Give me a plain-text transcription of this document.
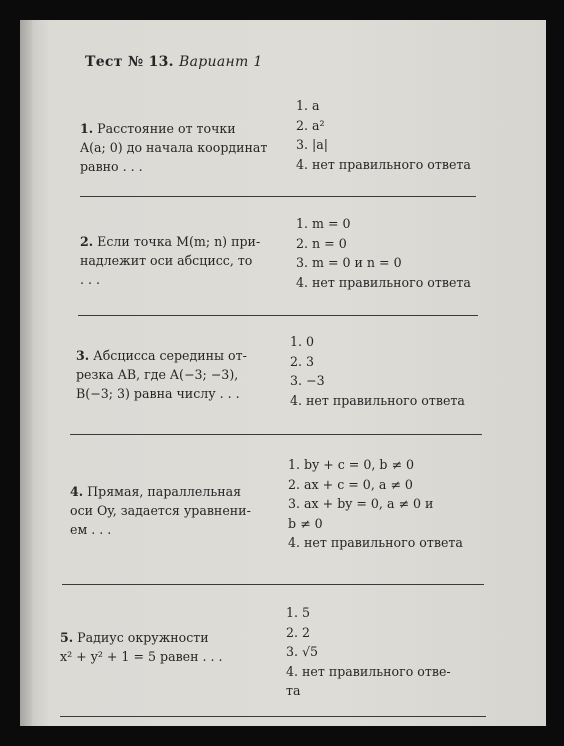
Тест № 13. Вариант 1
1. Расстояние от точки
A(a; 0) до начала координат
равно . . .
1. a
2. a²
3. |a|
4. нет правильного ответа
2. Если точка M(m; n) при-
надлежит оси абсцисс, то
. . .
1. m = 0
2. n = 0
3. m = 0 и n = 0
4. нет правильного ответа
3. Абсцисса середины от-
резка AB, где A(−3; −3),
B(−3; 3) равна числу . . .
1. 0
2. 3
3. −3
4. нет правильного ответа
4. Прямая, параллельная
оси Oy, задается уравнени-
ем . . .
1. by + c = 0, b ≠ 0
2. ax + c = 0, a ≠ 0
3. ax + by = 0, a ≠ 0 и
b ≠ 0
4. нет правильного ответа
5. Радиус окружности
x² + y² + 1 = 5 равен . . .
1. 5
2. 2
3. √5
4. нет правильного отве-
та
